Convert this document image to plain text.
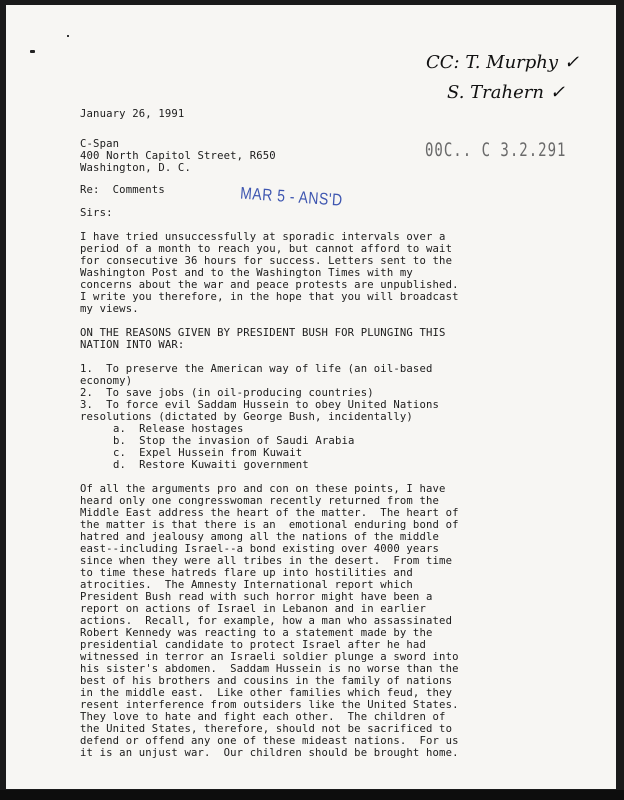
CC: T. Murphy ✓
S. Trahern ✓
00C.. C 3.2.291
MAR 5 - ANS'D
January 26, 1991
C-Span
400 North Capitol Street, R650
Washington, D. C.
Re:  Comments
Sirs:
I have tried unsuccessfully at sporadic intervals over a
period of a month to reach you, but cannot afford to wait
for consecutive 36 hours for success. Letters sent to the
Washington Post and to the Washington Times with my
concerns about the war and peace protests are unpublished.
I write you therefore, in the hope that you will broadcast
my views.
ON THE REASONS GIVEN BY PRESIDENT BUSH FOR PLUNGING THIS
NATION INTO WAR:
1.  To preserve the American way of life (an oil-based
economy)
2.  To save jobs (in oil-producing countries)
3.  To force evil Saddam Hussein to obey United Nations
resolutions (dictated by George Bush, incidentally)
a.  Release hostages
b.  Stop the invasion of Saudi Arabia
c.  Expel Hussein from Kuwait
d.  Restore Kuwaiti government
Of all the arguments pro and con on these points, I have
heard only one congresswoman recently returned from the
Middle East address the heart of the matter.  The heart of
the matter is that there is an  emotional enduring bond of
hatred and jealousy among all the nations of the middle
east--including Israel--a bond existing over 4000 years
since when they were all tribes in the desert.  From time
to time these hatreds flare up into hostilities and
atrocities.  The Amnesty International report which
President Bush read with such horror might have been a
report on actions of Israel in Lebanon and in earlier
actions.  Recall, for example, how a man who assassinated
Robert Kennedy was reacting to a statement made by the
presidential candidate to protect Israel after he had
witnessed in terror an Israeli soldier plunge a sword into
his sister's abdomen.  Saddam Hussein is no worse than the
best of his brothers and cousins in the family of nations
in the middle east.  Like other families which feud, they
resent interference from outsiders like the United States.
They love to hate and fight each other.  The children of
the United States, therefore, should not be sacrificed to
defend or offend any one of these mideast nations.  For us
it is an unjust war.  Our children should be brought home.
